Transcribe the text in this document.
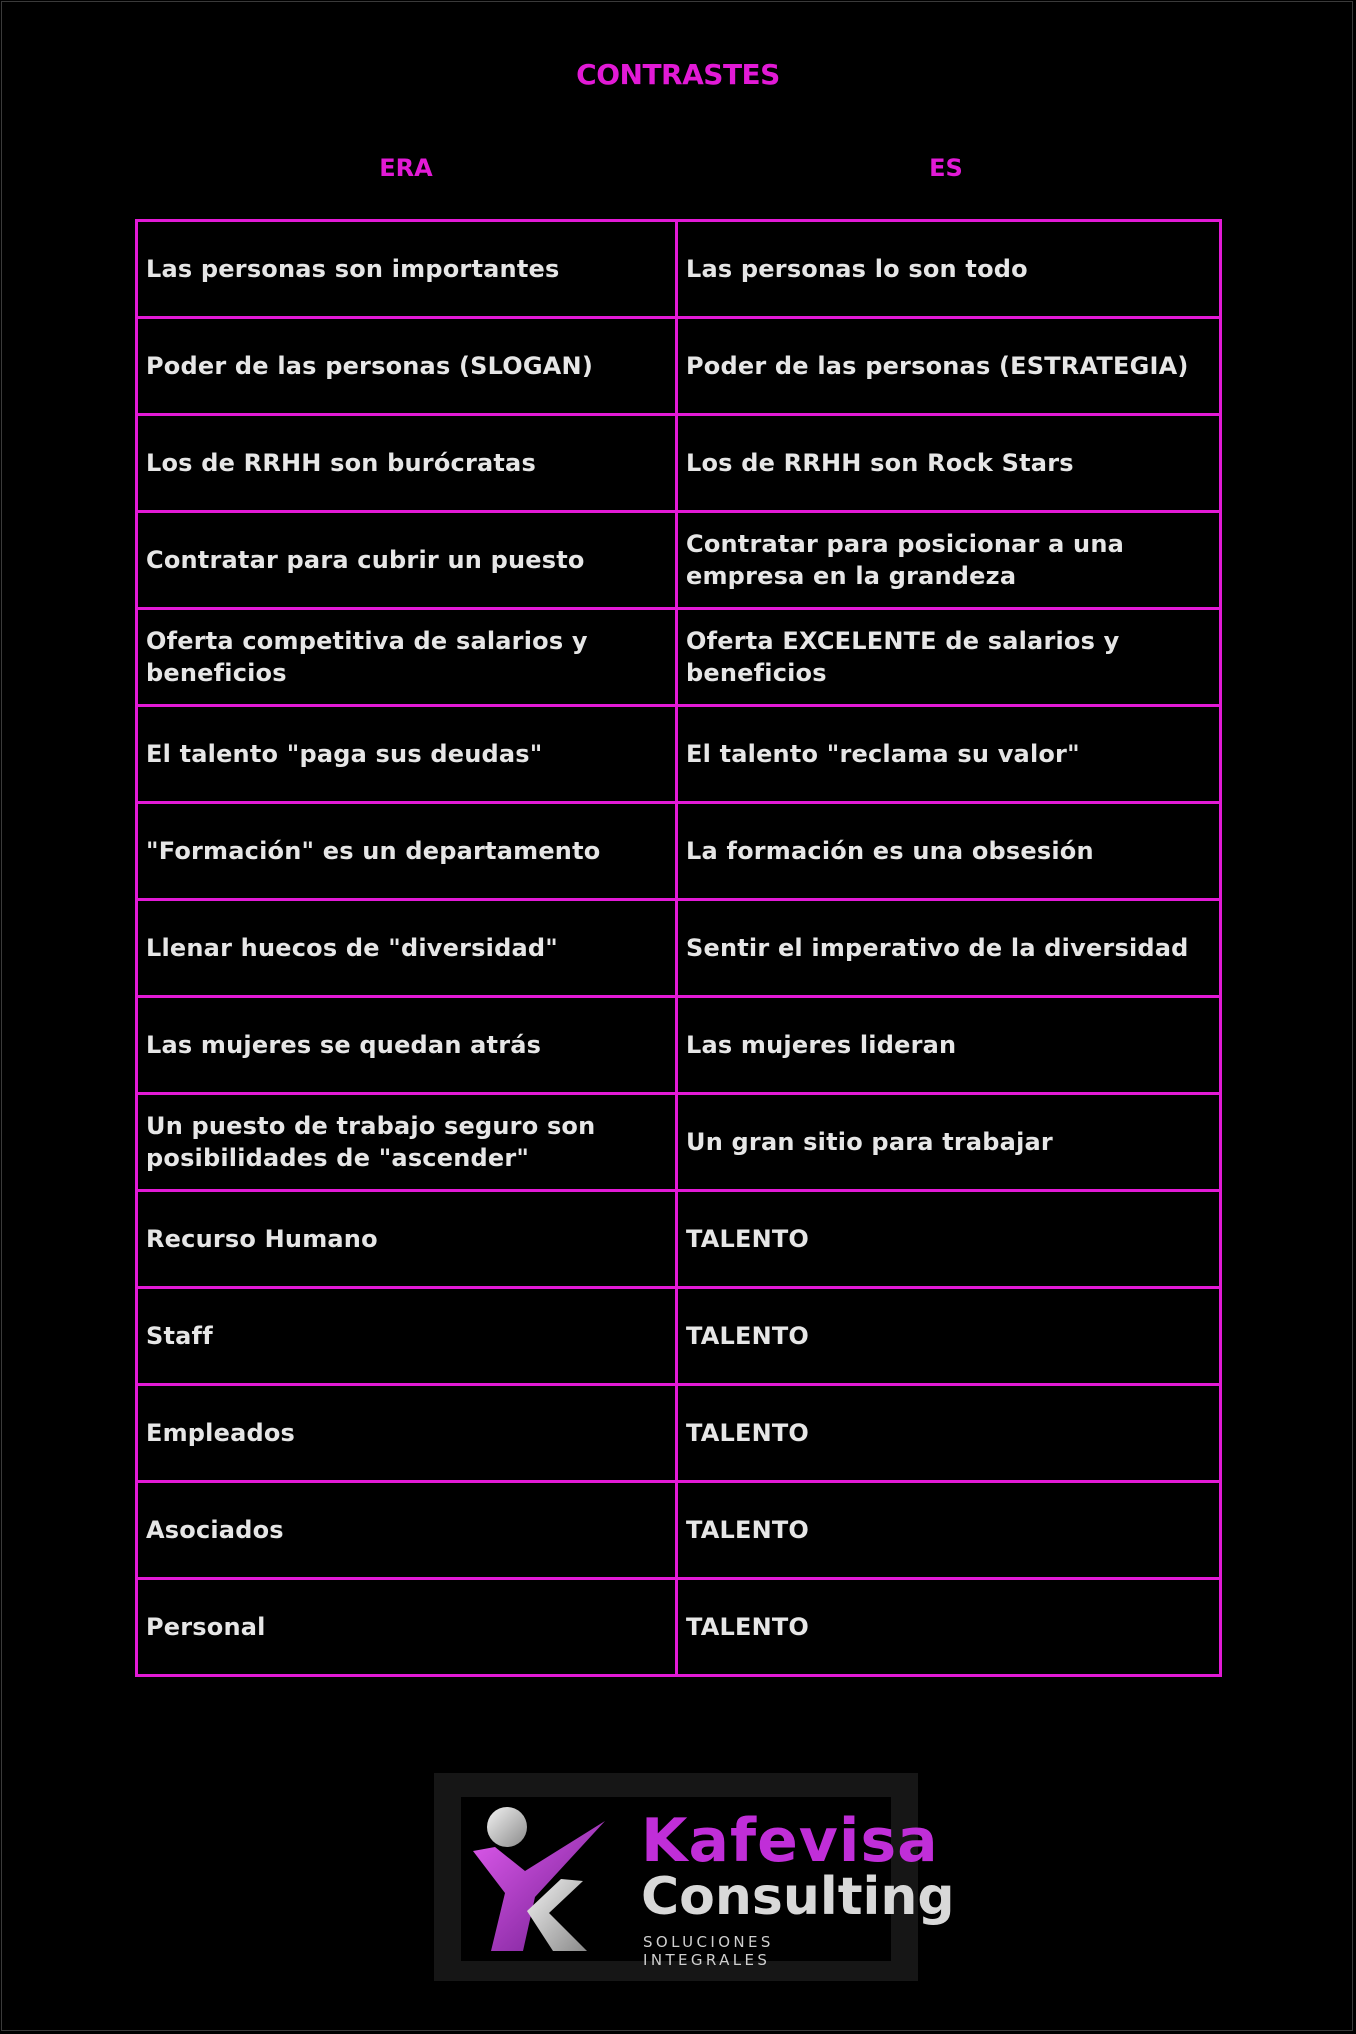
CONTRASTES
ERA	ES
Las personas son importantes	Las personas lo son todo
Poder de las personas (SLOGAN)	Poder de las personas (ESTRATEGIA)
Los de RRHH son burócratas	Los de RRHH son Rock Stars
Contratar para cubrir un puesto	Contratar para posicionar a una empresa en la grandeza
Oferta competitiva de salarios y beneficios	Oferta EXCELENTE de salarios y beneficios
El talento "paga sus deudas"	El talento "reclama su valor"
"Formación" es un departamento	La formación es una obsesión
Llenar huecos de "diversidad"	Sentir el imperativo de la diversidad
Las mujeres se quedan atrás	Las mujeres lideran
Un puesto de trabajo seguro son posibilidades de "ascender"	Un gran sitio para trabajar
Recurso Humano	TALENTO
Staff	TALENTO
Empleados	TALENTO
Asociados	TALENTO
Personal	TALENTO
Kafevisa
Consulting
SOLUCIONES INTEGRALES
